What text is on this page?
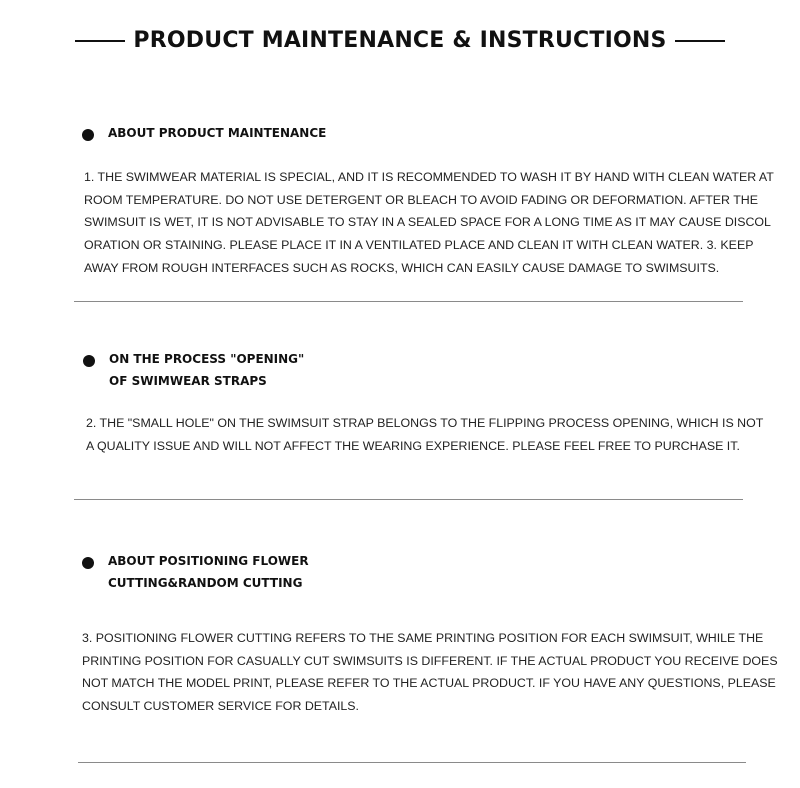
PRODUCT MAINTENANCE & INSTRUCTIONS
ABOUT PRODUCT MAINTENANCE
1. THE SWIMWEAR MATERIAL IS SPECIAL, AND IT IS RECOMMENDED TO WASH IT BY HAND WITH CLEAN WATER AT
ROOM TEMPERATURE. DO NOT USE DETERGENT OR BLEACH TO AVOID FADING OR DEFORMATION. AFTER THE
SWIMSUIT IS WET, IT IS NOT ADVISABLE TO STAY IN A SEALED SPACE FOR A LONG TIME AS IT MAY CAUSE DISCOL
ORATION OR STAINING. PLEASE PLACE IT IN A VENTILATED PLACE AND CLEAN IT WITH CLEAN WATER. 3. KEEP
AWAY FROM ROUGH INTERFACES SUCH AS ROCKS, WHICH CAN EASILY CAUSE DAMAGE TO SWIMSUITS.
ON THE PROCESS "OPENING"
OF SWIMWEAR STRAPS
2. THE "SMALL HOLE" ON THE SWIMSUIT STRAP BELONGS TO THE FLIPPING PROCESS OPENING, WHICH IS NOT
A QUALITY ISSUE AND WILL NOT AFFECT THE WEARING EXPERIENCE. PLEASE FEEL FREE TO PURCHASE IT.
ABOUT POSITIONING FLOWER
CUTTING&RANDOM CUTTING
3. POSITIONING FLOWER CUTTING REFERS TO THE SAME PRINTING POSITION FOR EACH SWIMSUIT, WHILE THE
PRINTING POSITION FOR CASUALLY CUT SWIMSUITS IS DIFFERENT. IF THE ACTUAL PRODUCT YOU RECEIVE DOES
NOT MATCH THE MODEL PRINT, PLEASE REFER TO THE ACTUAL PRODUCT. IF YOU HAVE ANY QUESTIONS, PLEASE
CONSULT CUSTOMER SERVICE FOR DETAILS.
